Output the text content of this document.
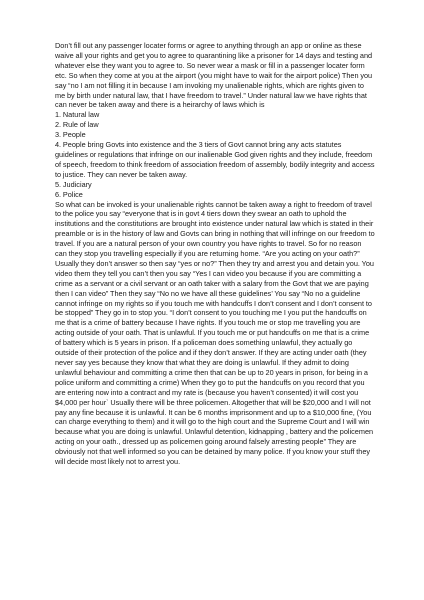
Don’t fill out any passenger locater forms or agree to anything through an app or online as these waive all your rights and get you to agree to quarantining like a prisoner for 14 days and testing and whatever else they want you to agree to. So never wear a mask or fill in a passenger locater form etc. So when they come at you at the airport (you might have to wait for the airport police) Then you say “no I am not filling it in because I am invoking my unalienable rights, which are rights given to me by birth under natural law, that I have freedom to travel.” Under natural law we have rights that can never be taken away and there is a heirarchy of laws which is

1. Natural law
2. Rule of law
3. People
4. People bring Govts into existence and the 3 tiers of Govt cannot bring any acts statutes guidelines or regulations that infringe on our inalienable God given rights and they include, freedom of speech, freedom to think freedom of association freedom of assembly, bodily integrity and access to justice. They can never be taken away.
5. Judiciary
6. Police

So what can be invoked is your unalienable rights cannot be taken away a right to freedom of travel to the police you say “everyone that is in govt 4 tiers down they swear an oath to uphold the institutions and the constitutions are brought into existence under natural law which is stated in their preamble or is in the history of law and Govts can bring in nothing that will infringe on our freedom to travel. If you are a natural person of your own country you have rights to travel. So for no reason can they stop you travelling especially if you are returning home. “Are you acting on your oath?” Usually they don’t answer so then say “yes or no?” Then they try and arrest you and detain you. You video them they tell you can’t then you say “Yes I can video you because if you are committing a crime as a servant or a civil servant or an oath taker with a salary from the Govt that we are paying then I can video” Then they say “No no we have all these guidelines’ You say “No no a guideline cannot infringe on my rights so if you touch me with handcuffs I don’t consent and I don’t consent to be stopped” They go in to stop you. “I don’t consent to you touching me I you put the handcuffs on me that is a crime of battery because I have rights. If you touch me or stop me travelling you are acting outside of your oath. That is unlawful. If you touch me or put handcuffs on me that is a crime of battery which is 5 years in prison. If a policeman does something unlawful, they actually go outside of their protection of the police and if they don’t answer. If they are acting under oath (they never say yes because they know that what they are doing is unlawful. If they admit to doing unlawful behaviour and committing a crime then that can be up to 20 years in prison, for being in a police uniform and committing a crime) When they go to put the handcuffs on you record that you are entering now into a contract and my rate is (because you haven’t consented) it will cost you $4,000 per hour` Usually there will be three policemen. Altogether that will be $20,000 and I will not pay any fine because it is unlawful. It can be 6 months imprisonment and up to a $10,000 fine, (You can charge everything to them) and it will go to the high court and the Supreme Court and I will win because what you are doing is unlawful. Unlawful detention, kidnapping , battery and the policemen acting on your oath., dressed up as policemen going around falsely arresting people” They are obviously not that well informed so you can be detained by many police. If you know your stuff they will decide most likely not to arrest you.
